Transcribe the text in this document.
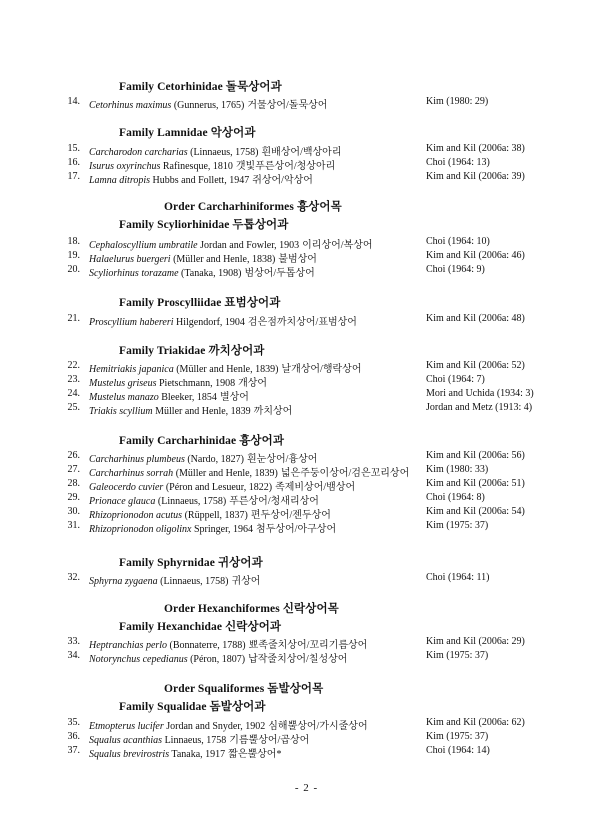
Family Cetorhinidae 돌묵상어과
14. Cetorhinus maximus (Gunnerus, 1765) 거물상어/돌묵상어	Kim (1980: 29)
Family Lamnidae 악상어과
15. Carcharodon carcharias (Linnaeus, 1758) 흰배상어/백상아리	Kim and Kil (2006a: 38)
16. Isurus oxyrinchus Rafinesque, 1810 갯빛푸른상어/청상아리	Choi (1964: 13)
17. Lamna ditropis Hubbs and Follett, 1947 쥐상어/악상어	Kim and Kil (2006a: 39)
Order Carcharhiniformes 흉상어목
Family Scyliorhinidae 두톱상어과
18. Cephaloscyllium umbratile Jordan and Fowler, 1903 이리상어/복상어	Choi (1964: 10)
19. Halaelurus buergeri (Müller and Henle, 1838) 불범상어	Kim and Kil (2006a: 46)
20. Scyliorhinus torazame (Tanaka, 1908) 범상어/두톱상어	Choi (1964: 9)
Family Proscylliidae 표범상어과
21. Proscyllium habereri Hilgendorf, 1904 검은점까치상어/표범상어	Kim and Kil (2006a: 48)
Family Triakidae 까치상어과
22. Hemitriakis japanica (Müller and Henle, 1839) 날개상어/행락상어	Kim and Kil (2006a: 52)
23. Mustelus griseus Pietschmann, 1908 개상어	Choi (1964: 7)
24. Mustelus manazo Bleeker, 1854 별상어	Mori and Uchida (1934: 3)
25. Triakis scyllium Müller and Henle, 1839 까치상어	Jordan and Metz (1913: 4)
Family Carcharhinidae 흉상어과
26. Carcharhinus plumbeus (Nardo, 1827) 흰눈상어/흉상어	Kim and Kil (2006a: 56)
27. Carcharhinus sorrah (Müller and Henle, 1839) 넓은주둥이상어/검은꼬리상어 Kim (1980: 33)
28. Galeocerdo cuvier (Péron and Lesueur, 1822) 족제비상어/뱀상어	Kim and Kil (2006a: 51)
29. Prionace glauca (Linnaeus, 1758) 푸른상어/청새리상어	Choi (1964: 8)
30. Rhizoprionodon acutus (Rüppell, 1837) 편두상어/젠두상어	Kim and Kil (2006a: 54)
31. Rhizoprionodon oligolinx Springer, 1964 첨두상어/아구상어	Kim (1975: 37)
Family Sphyrnidae 귀상어과
32. Sphyrna zygaena (Linnaeus, 1758) 귀상어	Choi (1964: 11)
Order Hexanchiformes 신락상어목
Family Hexanchidae 신락상어과
33. Heptranchias perlo (Bonnaterre, 1788) 뾰족줄치상어/꼬리기름상어	Kim and Kil (2006a: 29)
34. Notorynchus cepedianus (Péron, 1807) 납작줄치상어/칠성상어	Kim (1975: 37)
Order Squaliformes 돔발상어목
Family Squalidae 돔발상어과
35. Etmopterus lucifer Jordan and Snyder, 1902 심해뿔상어/가시줄상어	Kim and Kil (2006a: 62)
36. Squalus acanthias Linnaeus, 1758 기름뿔상어/곱상어	Kim (1975: 37)
37. Squalus brevirostris Tanaka, 1917 짧은뿔상어*	Choi (1964: 14)
- 2 -
